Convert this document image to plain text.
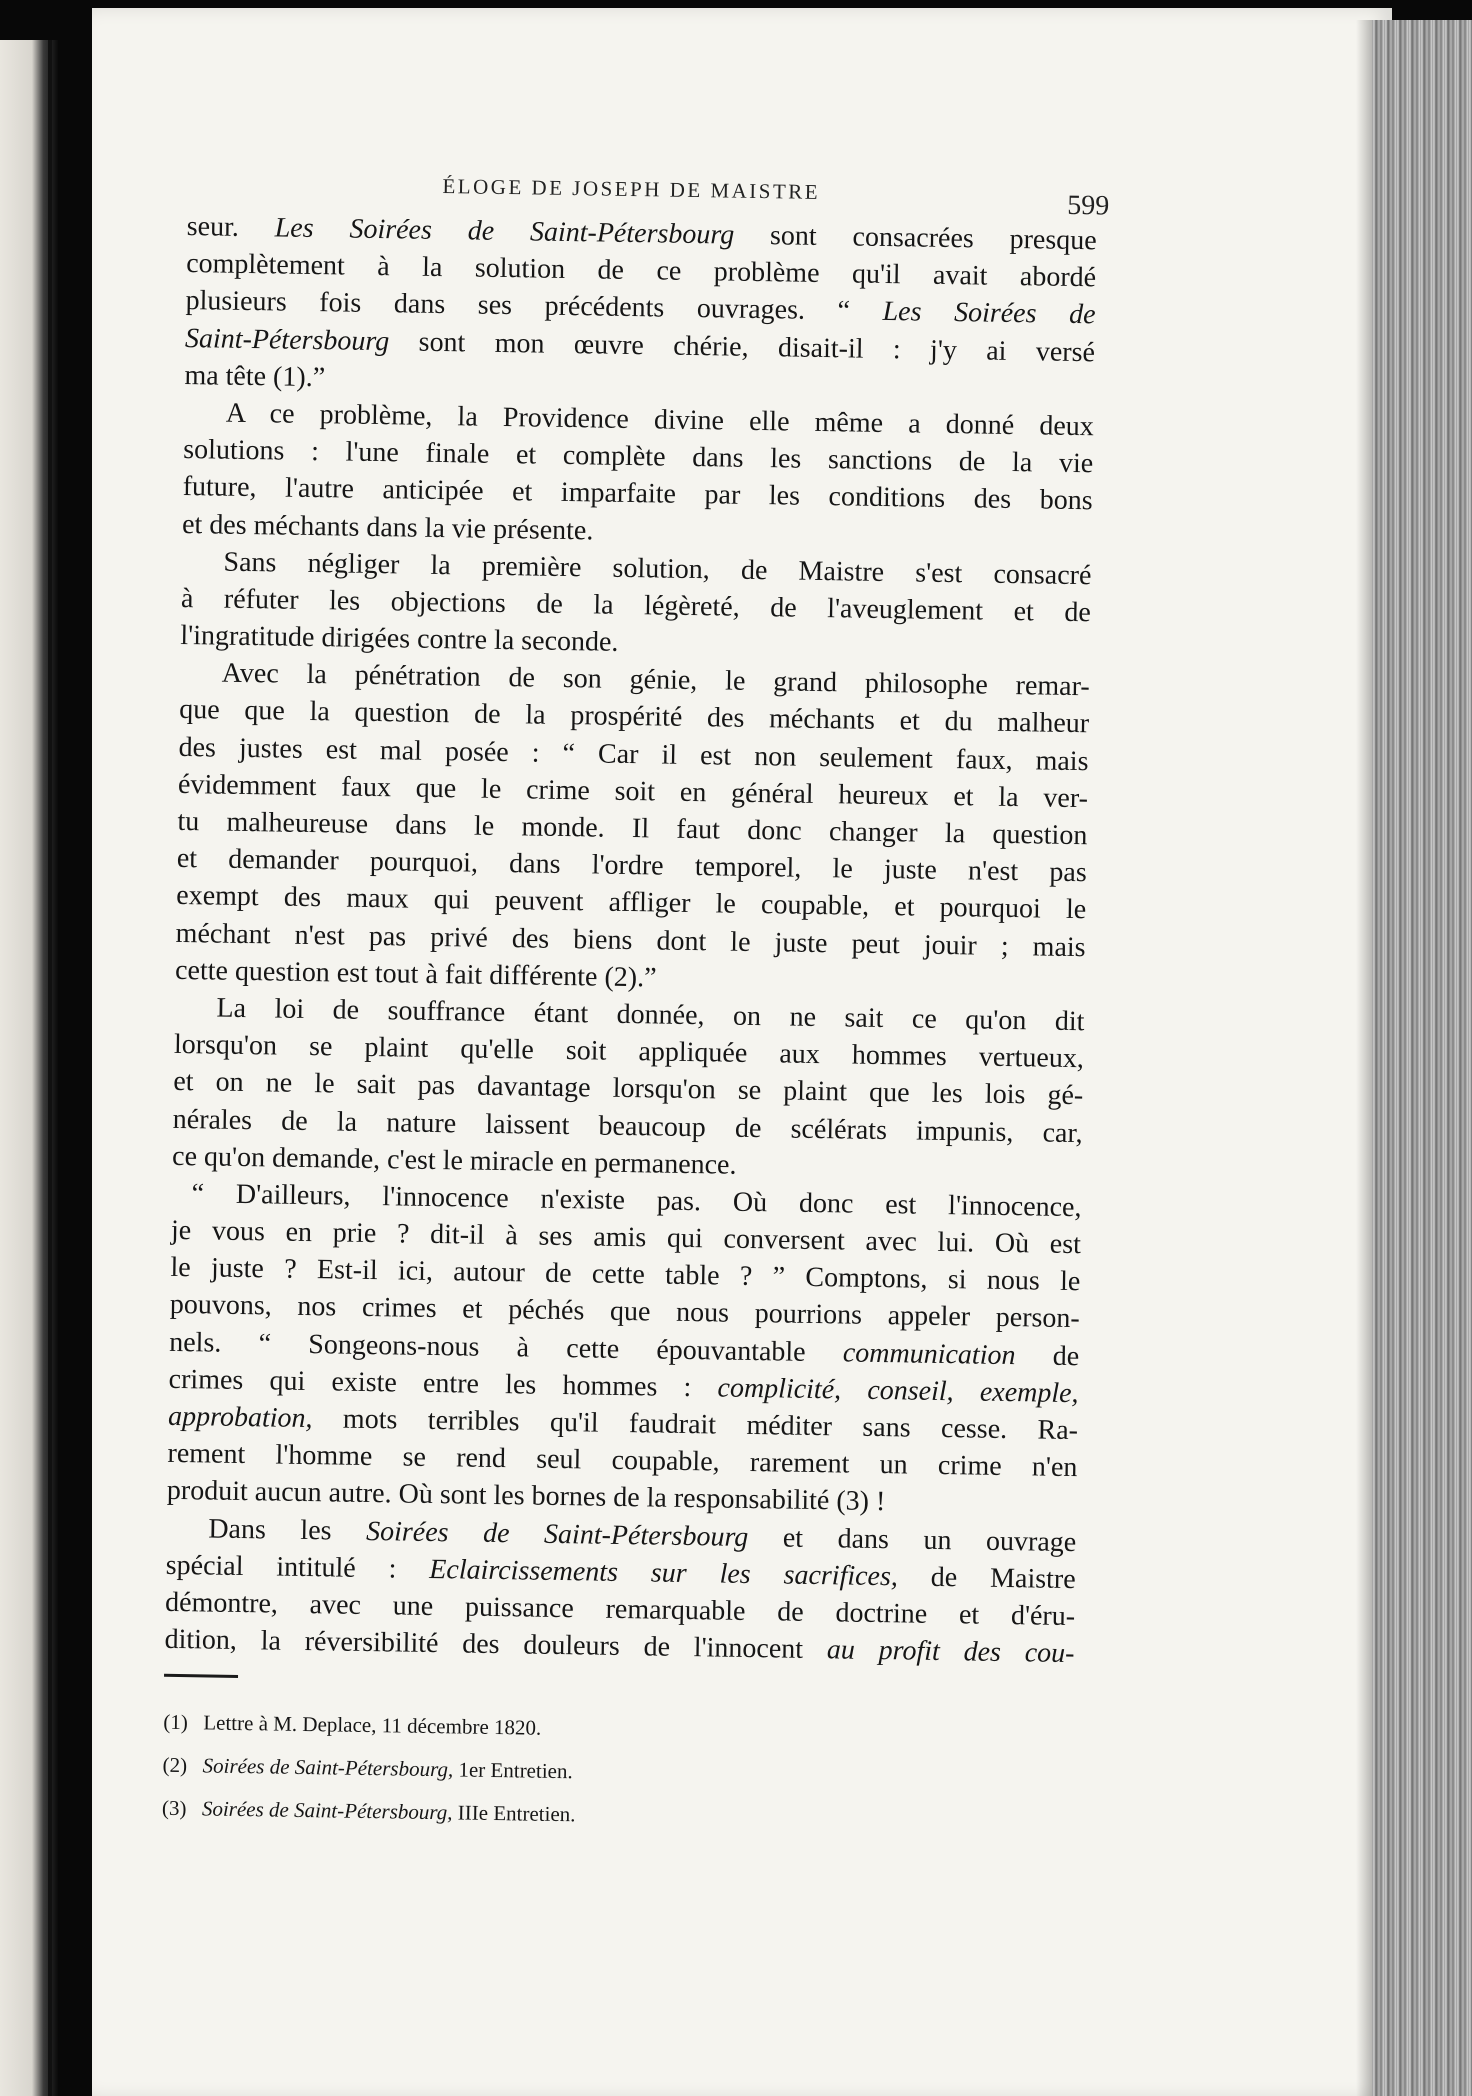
ÉLOGE DE JOSEPH DE MAISTRE
599
seur. Les Soirées de Saint-Pétersbourg sont consacrées presque
complètement à la solution de ce problème qu'il avait abordé
plusieurs fois dans ses précédents ouvrages. “ Les Soirées de
Saint-Pétersbourg sont mon œuvre chérie, disait-il : j'y ai versé
ma tête (1).”
A ce problème, la Providence divine elle même a donné deux
solutions : l'une finale et complète dans les sanctions de la vie
future, l'autre anticipée et imparfaite par les conditions des bons
et des méchants dans la vie présente.
Sans négliger la première solution, de Maistre s'est consacré
à réfuter les objections de la légèreté, de l'aveuglement et de
l'ingratitude dirigées contre la seconde.
Avec la pénétration de son génie, le grand philosophe remar-
que que la question de la prospérité des méchants et du malheur
des justes est mal posée : “ Car il est non seulement faux, mais
évidemment faux que le crime soit en général heureux et la ver-
tu malheureuse dans le monde. Il faut donc changer la question
et demander pourquoi, dans l'ordre temporel, le juste n'est pas
exempt des maux qui peuvent affliger le coupable, et pourquoi le
méchant n'est pas privé des biens dont le juste peut jouir ; mais
cette question est tout à fait différente (2).”
La loi de souffrance étant donnée, on ne sait ce qu'on dit
lorsqu'on se plaint qu'elle soit appliquée aux hommes vertueux,
et on ne le sait pas davantage lorsqu'on se plaint que les lois gé-
nérales de la nature laissent beaucoup de scélérats impunis, car,
ce qu'on demande, c'est le miracle en permanence.
“ D'ailleurs, l'innocence n'existe pas. Où donc est l'innocence,
je vous en prie ? dit-il à ses amis qui conversent avec lui. Où est
le juste ? Est-il ici, autour de cette table ? ” Comptons, si nous le
pouvons, nos crimes et péchés que nous pourrions appeler person-
nels. “ Songeons-nous à cette épouvantable communication de
crimes qui existe entre les hommes : complicité, conseil, exemple,
approbation, mots terribles qu'il faudrait méditer sans cesse. Ra-
rement l'homme se rend seul coupable, rarement un crime n'en
produit aucun autre. Où sont les bornes de la responsabilité (3) !
Dans les Soirées de Saint-Pétersbourg et dans un ouvrage
spécial intitulé : Eclaircissements sur les sacrifices, de Maistre
démontre, avec une puissance remarquable de doctrine et d'éru-
dition, la réversibilité des douleurs de l'innocent au profit des cou-
(1) Lettre à M. Deplace, 11 décembre 1820.
(2) Soirées de Saint-Pétersbourg, 1er Entretien.
(3) Soirées de Saint-Pétersbourg, IIIe Entretien.
